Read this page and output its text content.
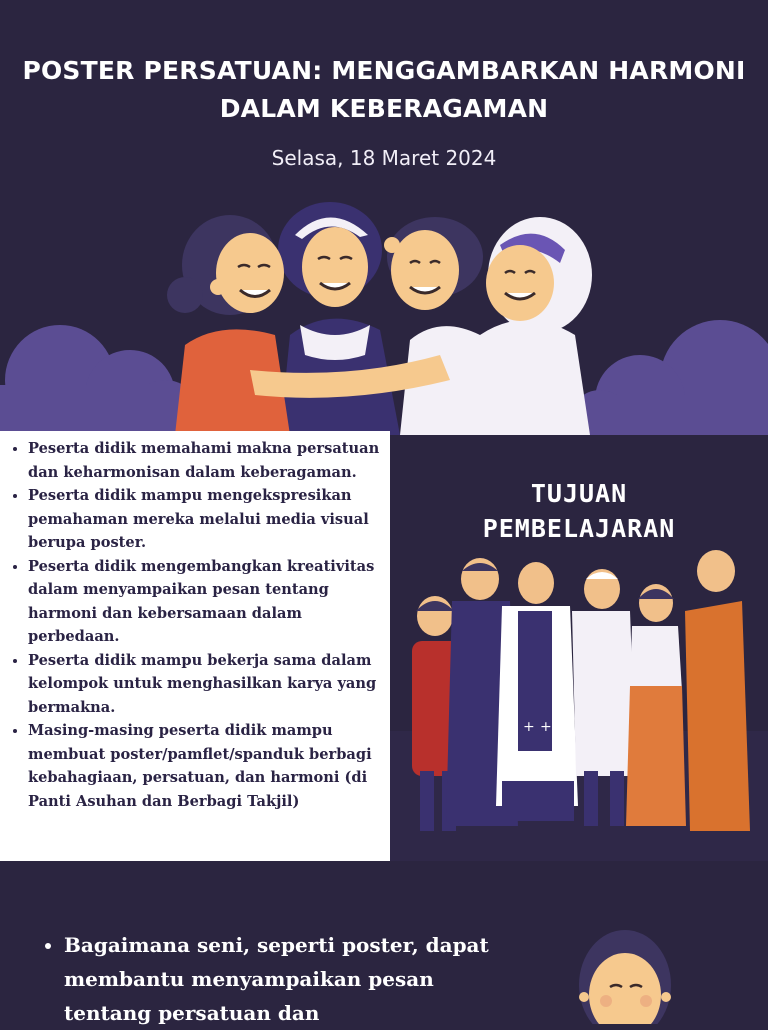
POSTER PERSATUAN: MENGGAMBARKAN HARMONI DALAM KEBERAGAMAN
Selasa, 18 Maret 2024
• Peserta didik memahami makna persatuan dan keharmonisan dalam keberagaman.
• Peserta didik mampu mengekspresikan pemahaman mereka melalui media visual berupa poster.
• Peserta didik mengembangkan kreativitas dalam menyampaikan pesan tentang harmoni dan kebersamaan dalam perbedaan.
• Peserta didik mampu bekerja sama dalam kelompok untuk menghasilkan karya yang bermakna.
• Masing-masing peserta didik mampu membuat poster/pamflet/spanduk berbagi kebahagiaan, persatuan, dan harmoni (di Panti Asuhan dan Berbagi Takjil)
+ +
TUJUAN
PEMBELAJARAN
• Bagaimana seni, seperti poster, dapat membantu menyampaikan pesan tentang persatuan dan
